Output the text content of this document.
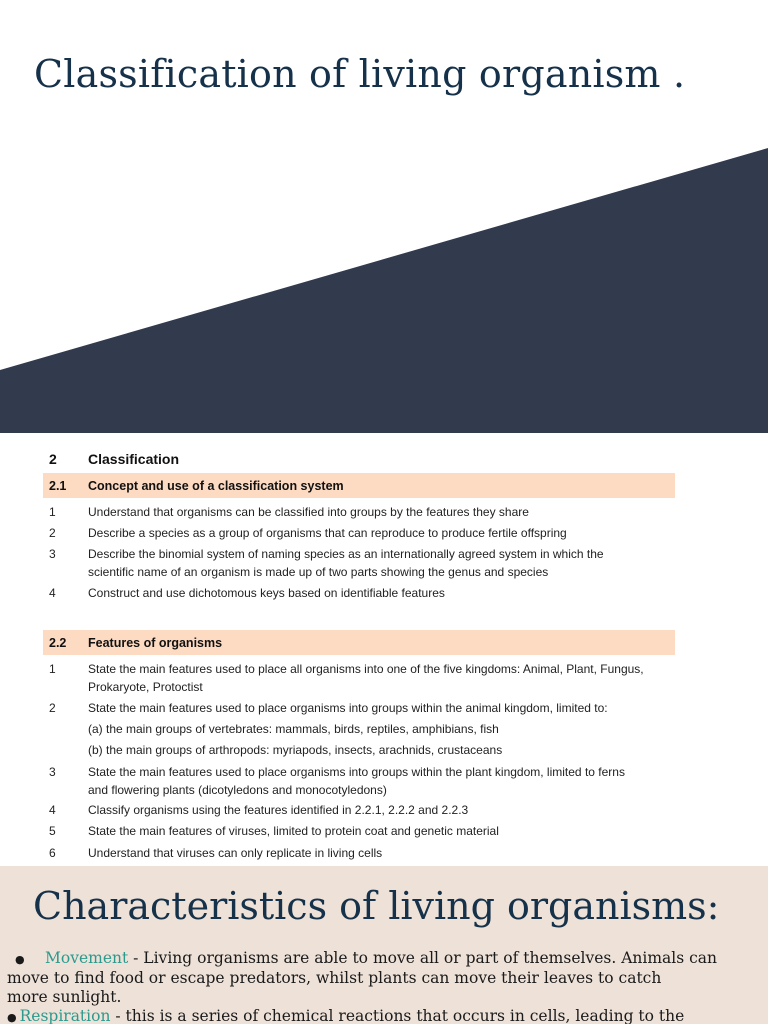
Classification of living organism .
2 Classification
2.1 Concept and use of a classification system
1	Understand that organisms can be classified into groups by the features they share
2	Describe a species as a group of organisms that can reproduce to produce fertile offspring
3	Describe the binomial system of naming species as an internationally agreed system in which the
scientific name of an organism is made up of two parts showing the genus and species
4	Construct and use dichotomous keys based on identifiable features
2.2 Features of organisms
1	State the main features used to place all organisms into one of the five kingdoms: Animal, Plant, Fungus,
Prokaryote, Protoctist
2	State the main features used to place organisms into groups within the animal kingdom, limited to:
(a) the main groups of vertebrates: mammals, birds, reptiles, amphibians, fish
(b) the main groups of arthropods: myriapods, insects, arachnids, crustaceans
3	State the main features used to place organisms into groups within the plant kingdom, limited to ferns
and flowering plants (dicotyledons and monocotyledons)
4	Classify organisms using the features identified in 2.2.1, 2.2.2 and 2.2.3
5	State the main features of viruses, limited to protein coat and genetic material
6	Understand that viruses can only replicate in living cells
Characteristics of living organisms:
● Movement - Living organisms are able to move all or part of themselves. Animals can
move to find food or escape predators, whilst plants can move their leaves to catch
more sunlight.
● Respiration - this is a series of chemical reactions that occurs in cells, leading to the
